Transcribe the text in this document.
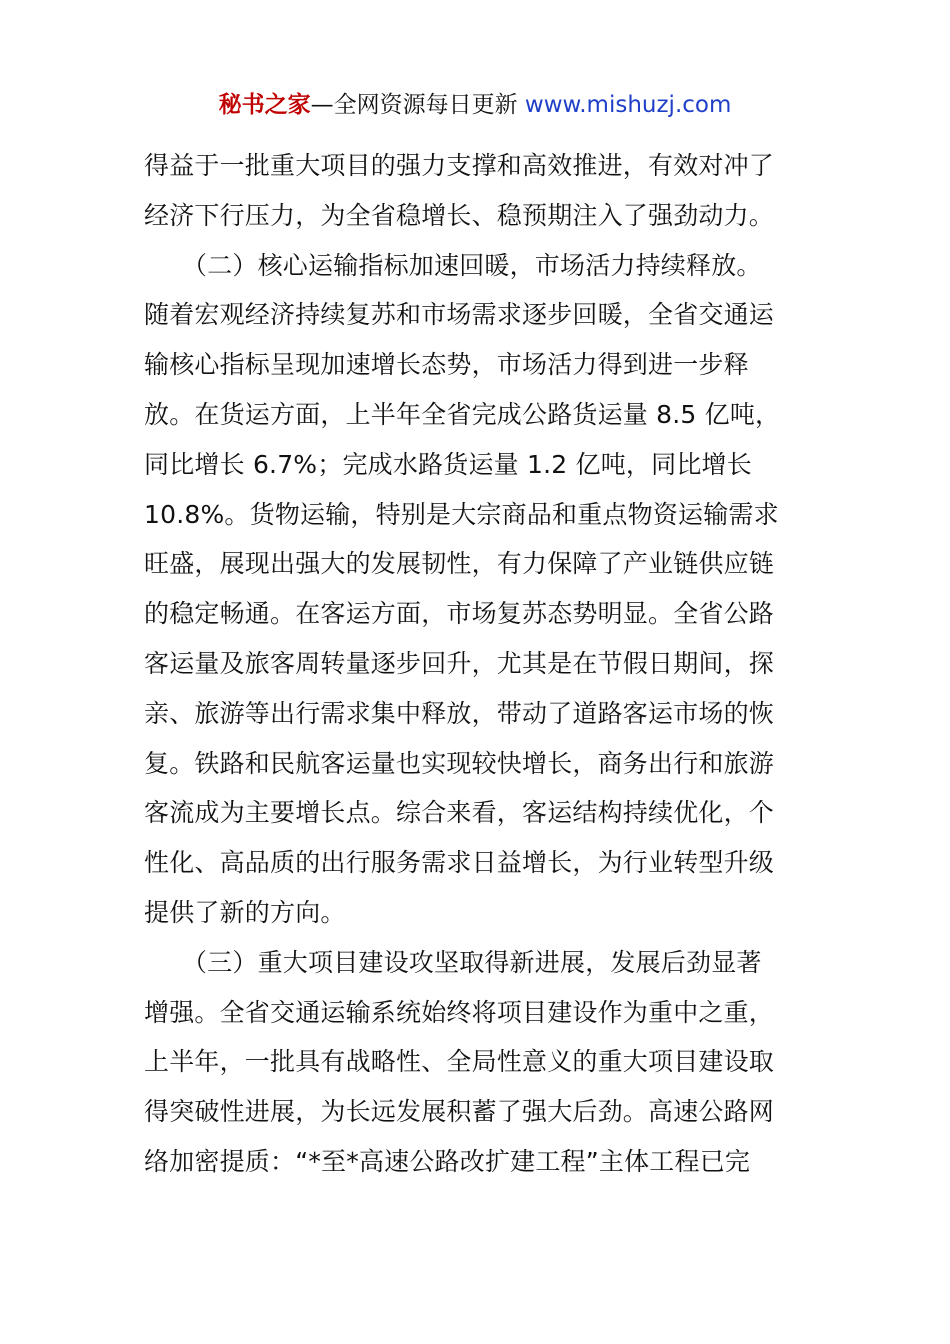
秘书之家—全网资源每日更新 www.mishuzj.com
得益于一批重大项目的强力支撑和高效推进，有效对冲了
经济下行压力，为全省稳增长、稳预期注入了强劲动力。
（二）核心运输指标加速回暖，市场活力持续释放。
随着宏观经济持续复苏和市场需求逐步回暖，全省交通运
输核心指标呈现加速增长态势，市场活力得到进一步释
放。在货运方面，上半年全省完成公路货运量 8.5 亿吨，
同比增长 6.7%；完成水路货运量 1.2 亿吨，同比增长
10.8%。货物运输，特别是大宗商品和重点物资运输需求
旺盛，展现出强大的发展韧性，有力保障了产业链供应链
的稳定畅通。在客运方面，市场复苏态势明显。全省公路
客运量及旅客周转量逐步回升，尤其是在节假日期间，探
亲、旅游等出行需求集中释放，带动了道路客运市场的恢
复。铁路和民航客运量也实现较快增长，商务出行和旅游
客流成为主要增长点。综合来看，客运结构持续优化，个
性化、高品质的出行服务需求日益增长，为行业转型升级
提供了新的方向。
（三）重大项目建设攻坚取得新进展，发展后劲显著
增强。全省交通运输系统始终将项目建设作为重中之重，
上半年，一批具有战略性、全局性意义的重大项目建设取
得突破性进展，为长远发展积蓄了强大后劲。高速公路网
络加密提质：“*至*高速公路改扩建工程”主体工程已完
